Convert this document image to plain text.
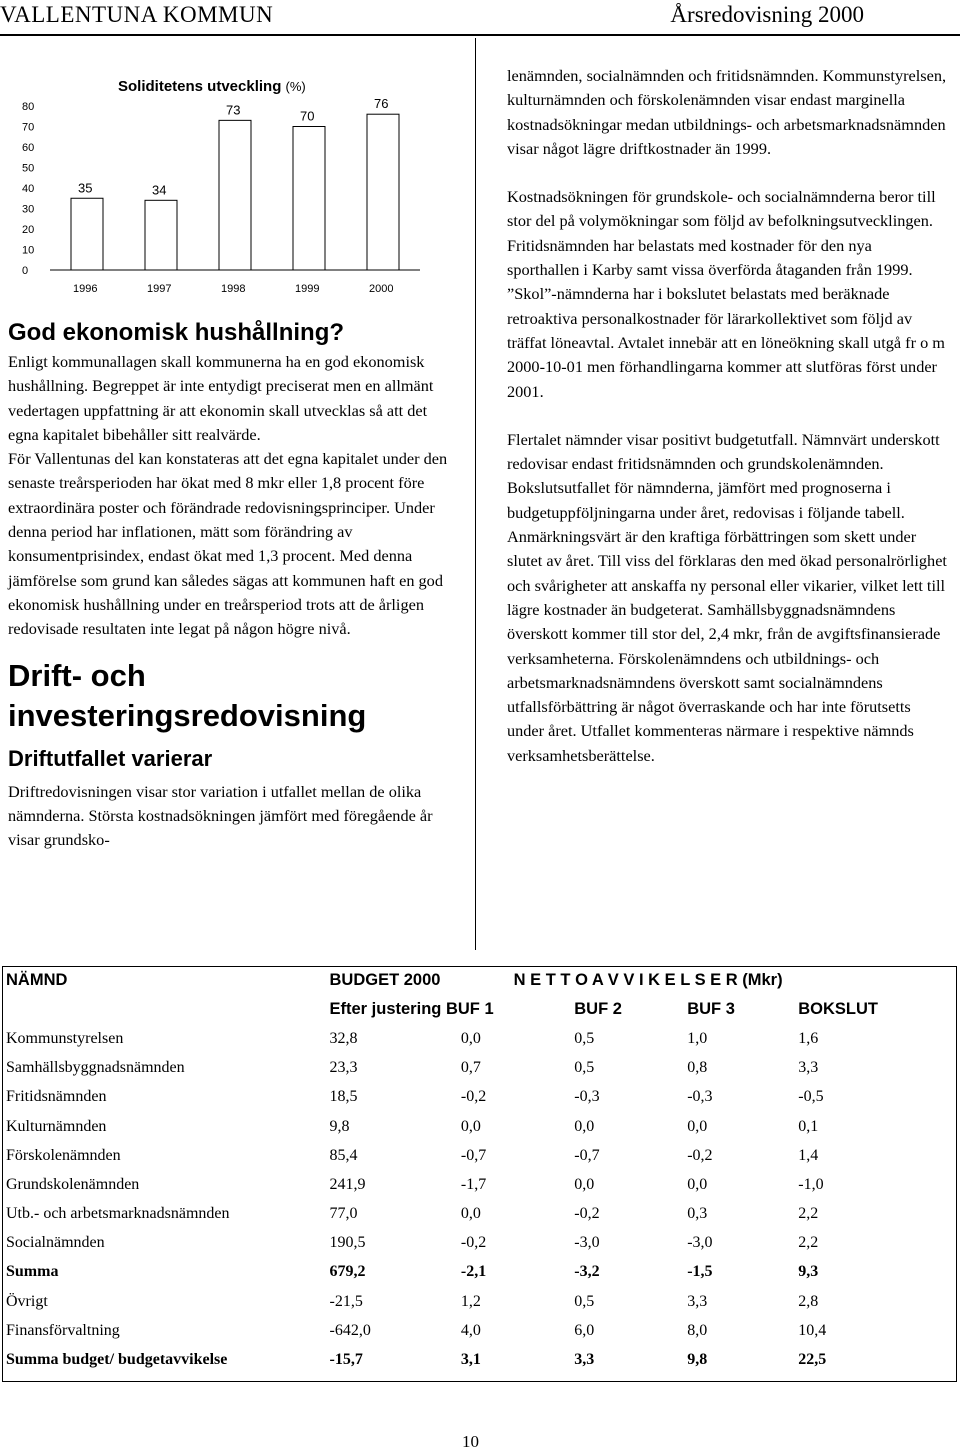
VALLENTUNA KOMMUN	Årsredovisning 2000
0
10
20
30
40
50
60
70
80
35
1996
34
1997
73
1998
70
1999
76
2000
Soliditetens utveckling (%)
God ekonomisk hushållning?

Enligt kommunallagen skall kommunerna ha en god ekonomisk hushållning. Begreppet är inte entydigt preciserat men en allmänt vedertagen uppfattning är att ekonomin skall utvecklas så att det egna kapitalet bibehåller sitt realvärde.

För Vallentunas del kan konstateras att det egna kapitalet under den senaste treårsperioden har ökat med 8 mkr eller 1,8 procent före extraordinära poster och förändrade redovisningsprinciper. Under denna period har inflationen, mätt som förändring av konsumentprisindex, endast ökat med 1,3 procent. Med denna jämförelse som grund kan således sägas att kommunen haft en god ekonomisk hushållning under en treårsperiod trots att de årligen redovisade resultaten inte legat på någon högre nivå.

Drift- och investeringsredovisning
Driftutfallet varierar

Driftredovisningen visar stor variation i utfallet mellan de olika nämnderna. Största kostnadsökningen jämfört med föregående år visar grundsko-

lenämnden, socialnämnden och fritidsnämnden. Kommunstyrelsen, kulturnämnden och förskolenämnden visar endast marginella kostnadsökningar medan utbildnings- och arbetsmarknadsnämnden visar något lägre driftkostnader än 1999.

Kostnadsökningen för grundskole- och socialnämnderna beror till stor del på volymökningar som följd av befolkningsutvecklingen. Fritidsnämnden har belastats med kostnader för den nya sporthallen i Karby samt vissa överförda åtaganden från 1999. ”Skol”-nämnderna har i bokslutet belastats med beräknade retroaktiva personalkostnader för lärarkollektivet som följd av träffat löneavtal. Avtalet innebär att en löneökning skall utgå fr o m 2000-10-01 men förhandlingarna kommer att slutföras först under 2001.

Flertalet nämnder visar positivt budgetutfall. Nämnvärt underskott redovisar endast fritidsnämnden och grundskolenämnden. Bokslutsutfallet för nämnderna, jämfört med prognoserna i budgetuppföljningarna under året, redovisas i följande tabell. Anmärkningsvärt är den kraftiga förbättringen som skett under slutet av året. Till viss del förklaras den med ökad personalrörlighet och svårigheter att anskaffa ny personal eller vikarier, vilket lett till lägre kostnader än budgeterat. Samhällsbyggnadsnämndens överskott kommer till stor del, 2,4 mkr, från de avgiftsfinansierade verksamheterna. Förskolenämndens och utbildnings- och arbetsmarknadsnämndens överskott samt socialnämndens utfallsförbättring är något överraskande och har inte förutsetts under året. Utfallet kommenteras närmare i respektive nämnds verksamhetsberättelse.

NÄMND	BUDGET 2000 N E T T O A V V I K E L S E R (Mkr)				
	Efter justering BUF 1		BUF 2	BUF 3	BOKSLUT
Kommunstyrelsen	32,8	0,0	0,5	1,0	1,6
Samhällsbyggnadsnämnden	23,3	0,7	0,5	0,8	3,3
Fritidsnämnden	18,5	-0,2	-0,3	-0,3	-0,5
Kulturnämnden	9,8	0,0	0,0	0,0	0,1
Förskolenämnden	85,4	-0,7	-0,7	-0,2	1,4
Grundskolenämnden	241,9	-1,7	0,0	0,0	-1,0
Utb.- och arbetsmarknadsnämnden	77,0	0,0	-0,2	0,3	2,2
Socialnämnden	190,5	-0,2	-3,0	-3,0	2,2
Summa	679,2	-2,1	-3,2	-1,5	9,3
Övrigt	-21,5	1,2	0,5	3,3	2,8
Finansförvaltning	-642,0	4,0	6,0	8,0	10,4
Summa budget/ budgetavvikelse	-15,7	3,1	3,3	9,8	22,5
10
